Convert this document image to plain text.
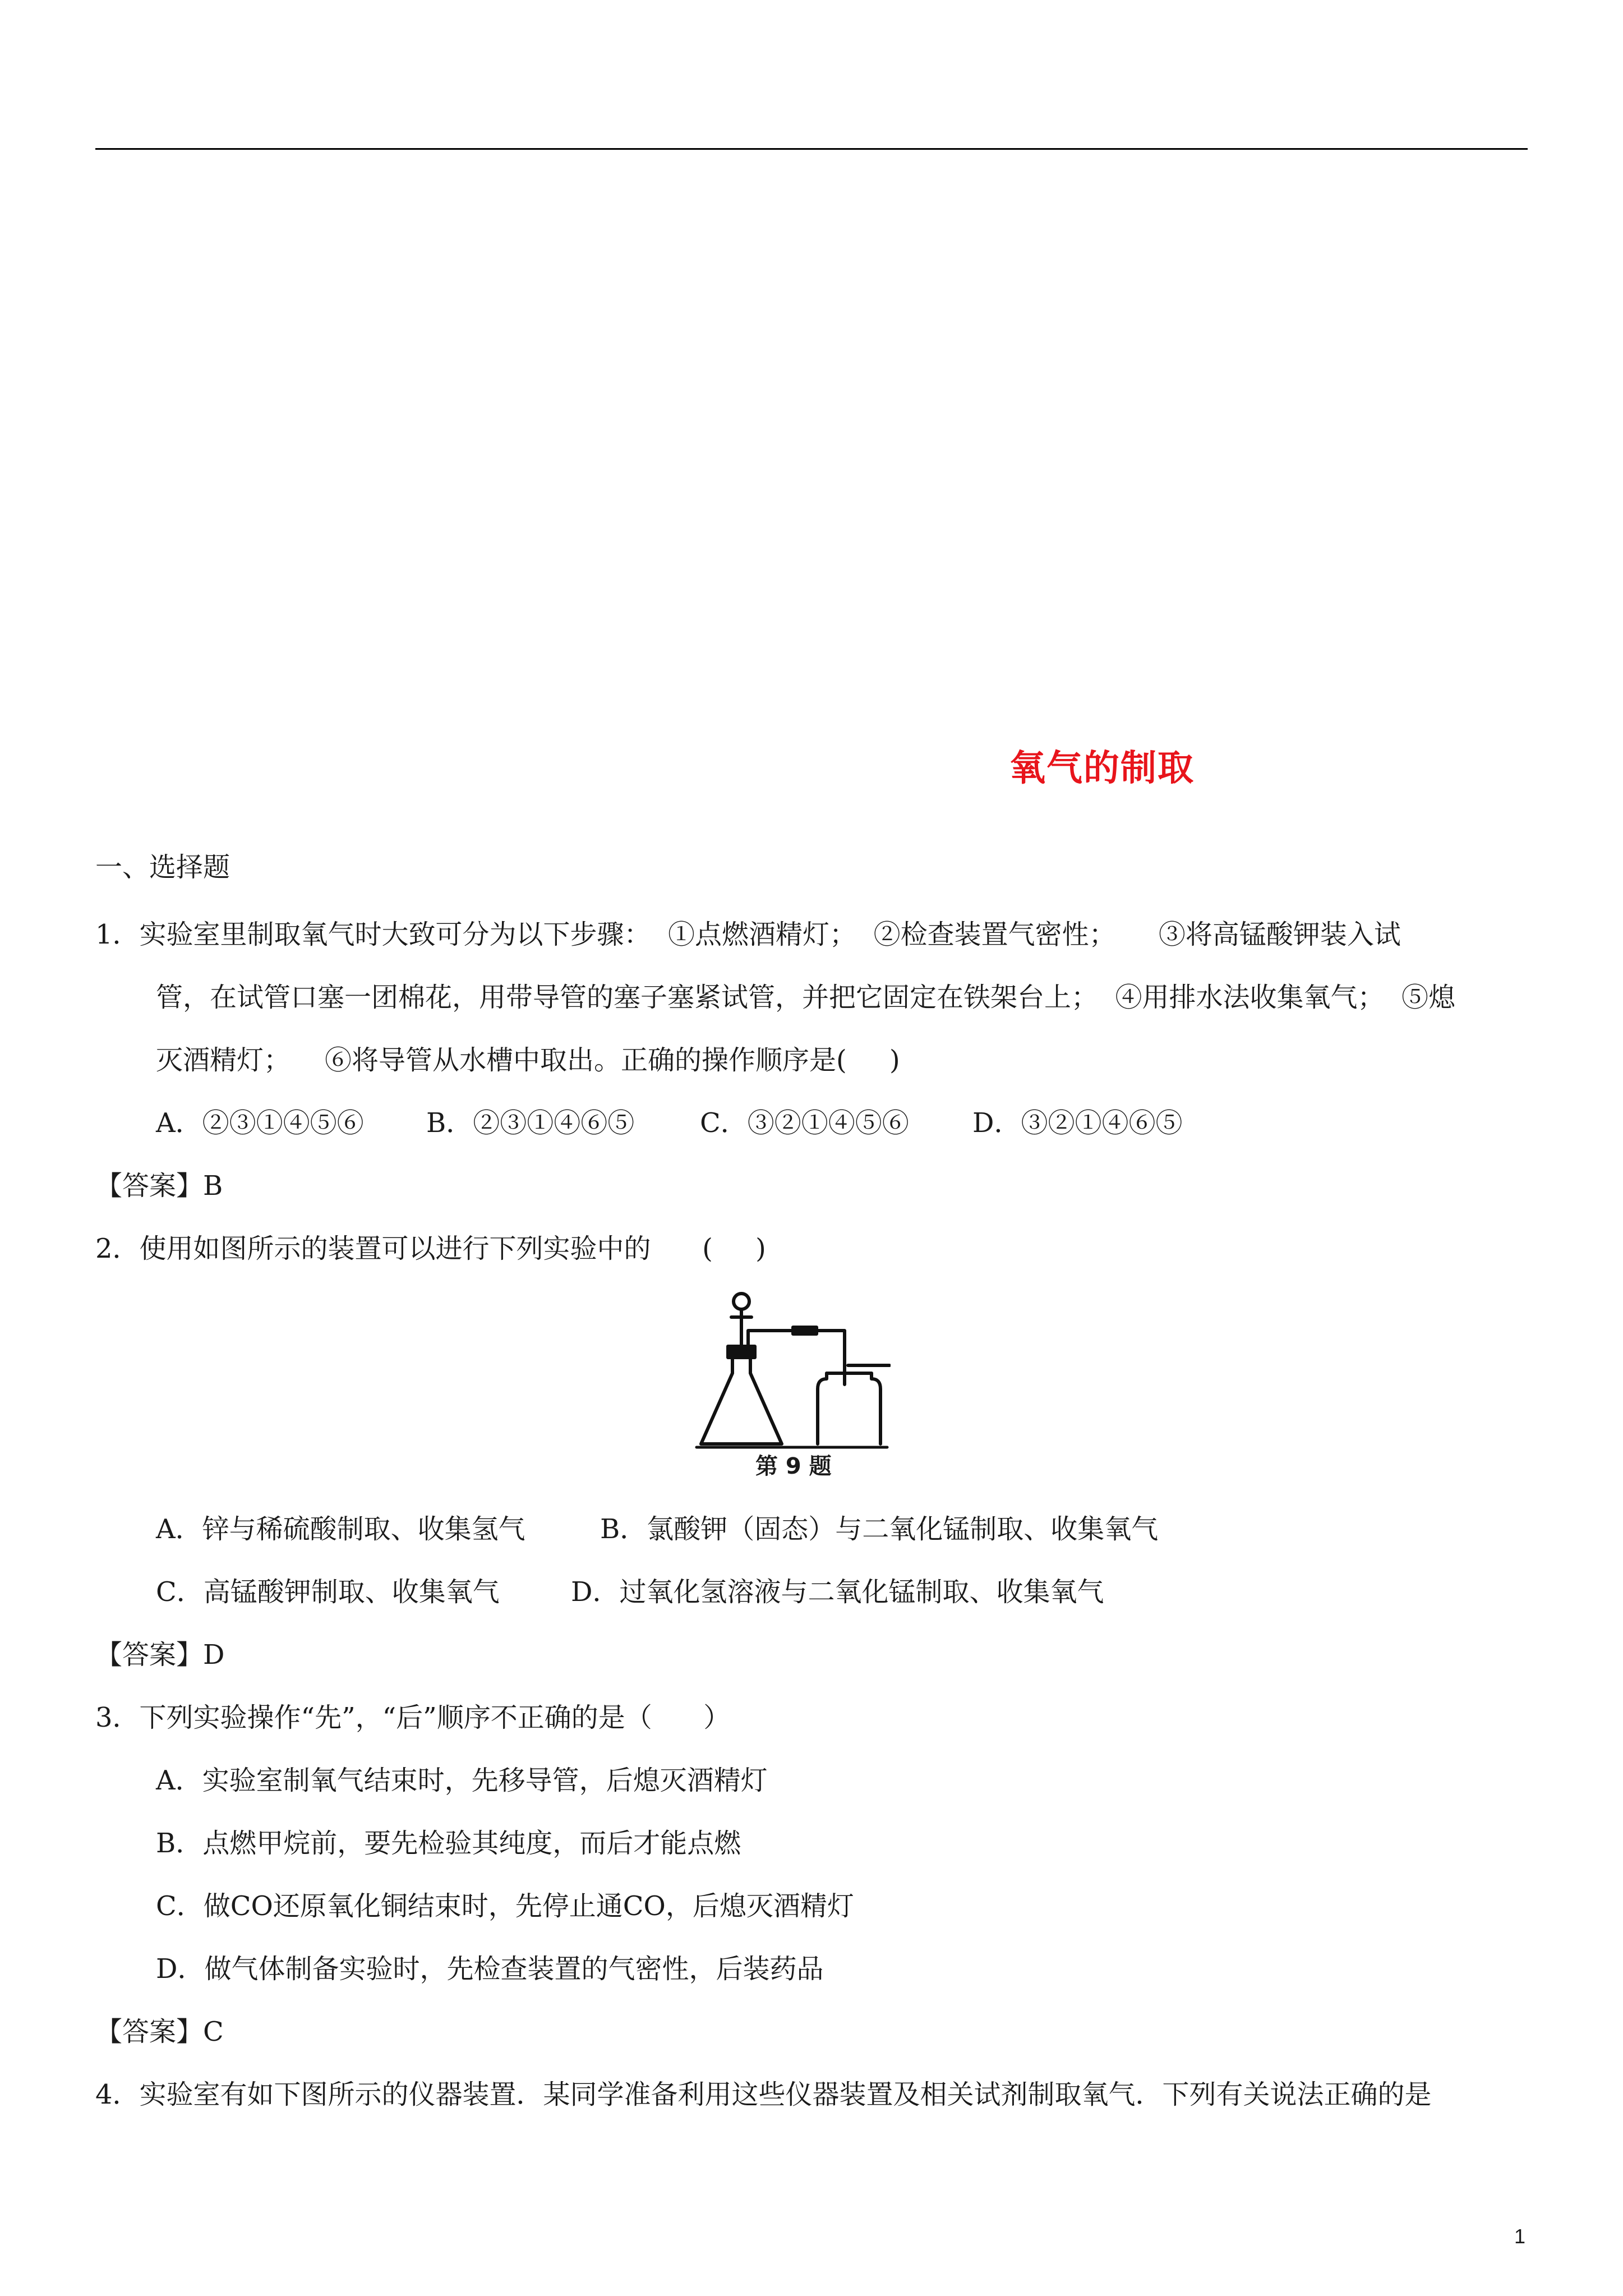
氧气的制取
一、选择题
1．实验室里制取氧气时大致可分为以下步骤：  ①点燃酒精灯；  ②检查装置气密性；     ③将高锰酸钾装入试
管，在试管口塞一团棉花，用带导管的塞子塞紧试管，并把它固定在铁架台上；  ④用排水法收集氧气；  ⑤熄
灭酒精灯；    ⑥将导管从水槽中取出。正确的操作顺序是(     )
A．②③①④⑤⑥ B．②③①④⑥⑤ C．③②①④⑤⑥ D．③②①④⑥⑤
【答案】B
2．使用如图所示的装置可以进行下列实验中的      (     )
第 9 题
A．锌与稀硫酸制取、收集氢气	B．氯酸钾（固态）与二氧化锰制取、收集氧气
C．高锰酸钾制取、收集氧气	D．过氧化氢溶液与二氧化锰制取、收集氧气
【答案】D
3．下列实验操作“先”，“后”顺序不正确的是（      ）
A．实验室制氧气结束时，先移导管，后熄灭酒精灯
B．点燃甲烷前，要先检验其纯度，而后才能点燃
C．做CO还原氧化铜结束时，先停止通CO，后熄灭酒精灯
D．做气体制备实验时，先检查装置的气密性，后装药品
【答案】C
4．实验室有如下图所示的仪器装置．某同学准备利用这些仪器装置及相关试剂制取氧气．下列有关说法正确的是
1
